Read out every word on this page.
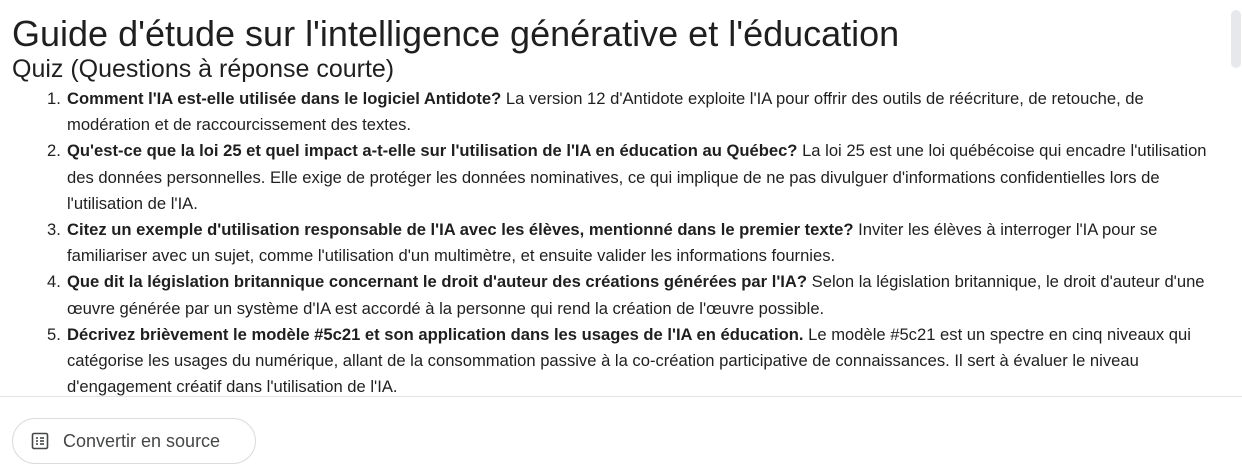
Guide d'étude sur l'intelligence générative et l'éducation
Quiz (Questions à réponse courte)
1. Comment l'IA est-elle utilisée dans le logiciel Antidote? La version 12 d'Antidote exploite l'IA pour offrir des outils de réécriture, de retouche, de modération et de raccourcissement des textes.
2. Qu'est-ce que la loi 25 et quel impact a-t-elle sur l'utilisation de l'IA en éducation au Québec? La loi 25 est une loi québécoise qui encadre l'utilisation des données personnelles. Elle exige de protéger les données nominatives, ce qui implique de ne pas divulguer d'informations confidentielles lors de l'utilisation de l'IA.
3. Citez un exemple d'utilisation responsable de l'IA avec les élèves, mentionné dans le premier texte? Inviter les élèves à interroger l'IA pour se familiariser avec un sujet, comme l'utilisation d'un multimètre, et ensuite valider les informations fournies.
4. Que dit la législation britannique concernant le droit d'auteur des créations générées par l'IA? Selon la législation britannique, le droit d'auteur d'une œuvre générée par un système d'IA est accordé à la personne qui rend la création de l'œuvre possible.
5. Décrivez brièvement le modèle #5c21 et son application dans les usages de l'IA en éducation. Le modèle #5c21 est un spectre en cinq niveaux qui catégorise les usages du numérique, allant de la consommation passive à la co-création participative de connaissances. Il sert à évaluer le niveau d'engagement créatif dans l'utilisation de l'IA.
Convertir en source
